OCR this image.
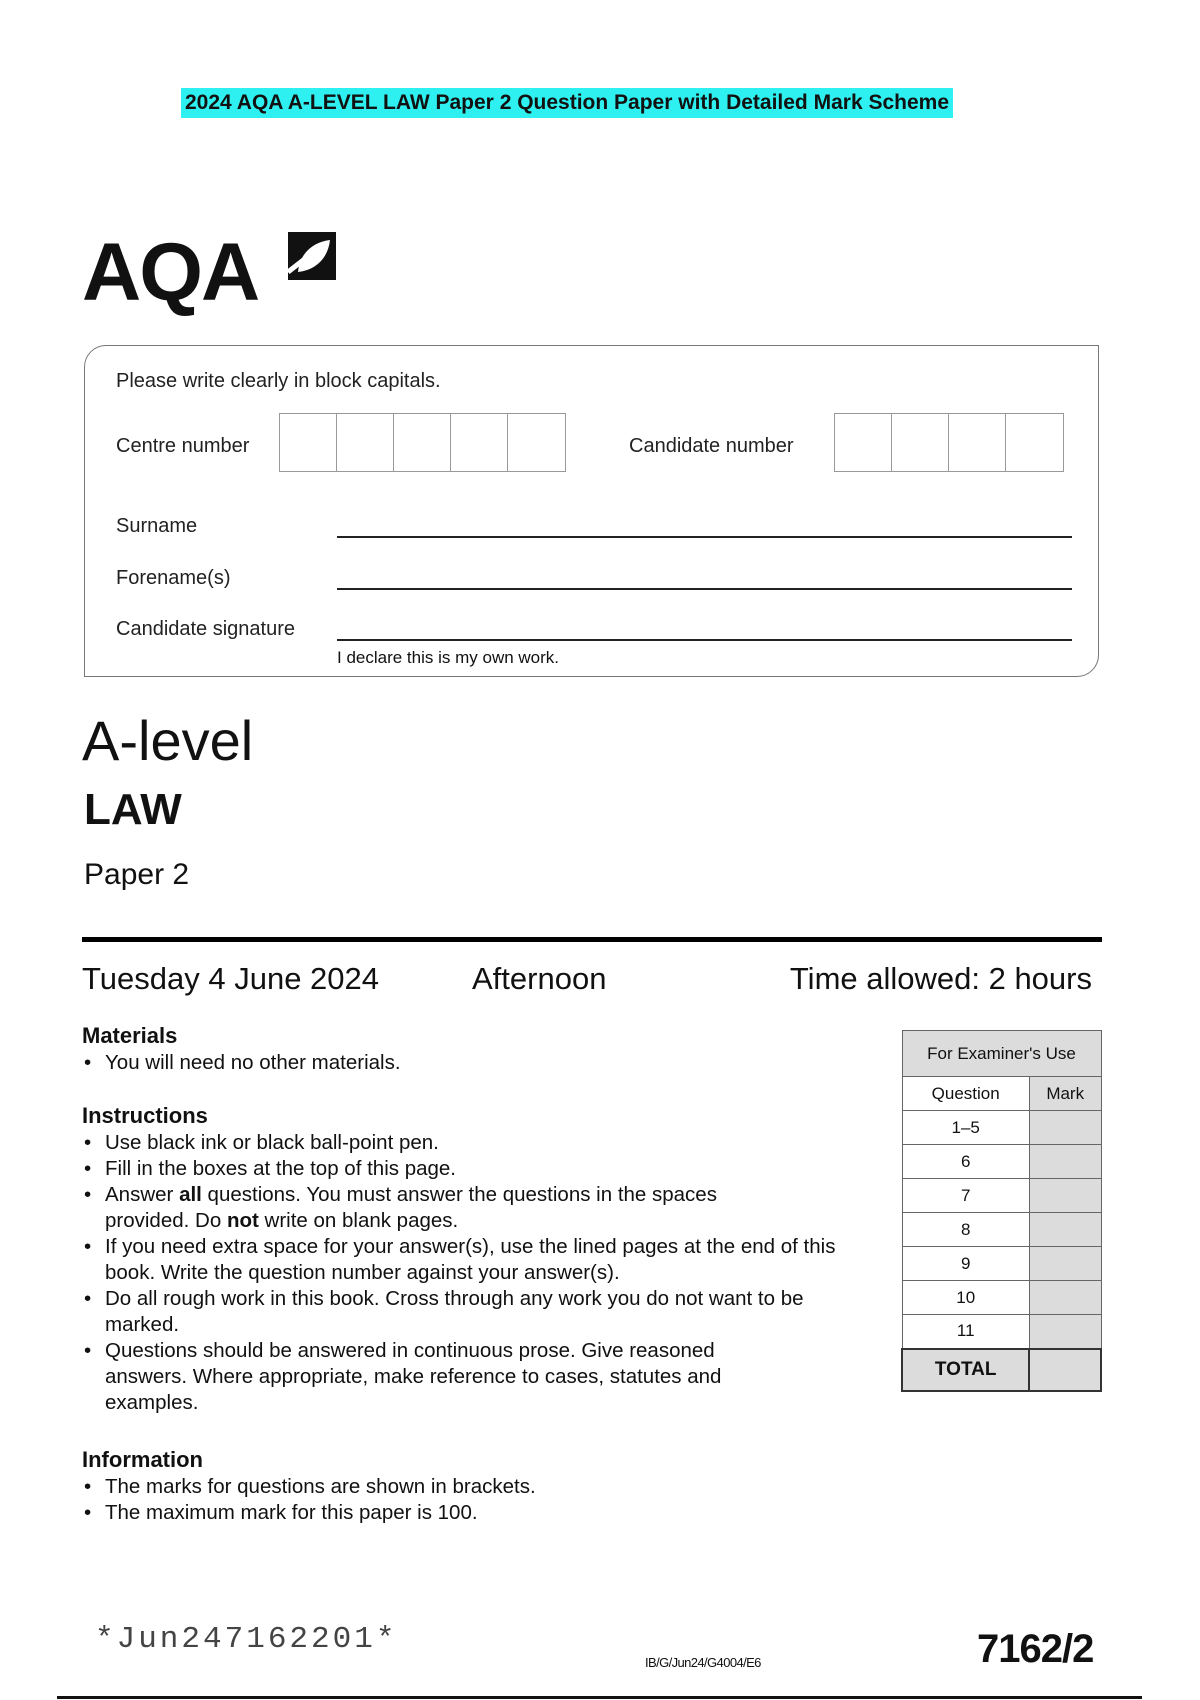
2024 AQA A-LEVEL LAW Paper 2 Question Paper with Detailed Mark Scheme
AQA
Please write clearly in block capitals.
Centre number	Candidate number
Surname
Forename(s)
Candidate signature
I declare this is my own work.
A-level
LAW
Paper 2
Tuesday 4 June 2024	Afternoon	Time allowed: 2 hours
Materials
• You will need no other materials.
Instructions
• Use black ink or black ball-point pen.
• Fill in the boxes at the top of this page.
• Answer all questions. You must answer the questions in the spaces provided. Do not write on blank pages.
• If you need extra space for your answer(s), use the lined pages at the end of this book. Write the question number against your answer(s).
• Do all rough work in this book. Cross through any work you do not want to be marked.
• Questions should be answered in continuous prose. Give reasoned answers. Where appropriate, make reference to cases, statutes and examples.
Information
• The marks for questions are shown in brackets.
• The maximum mark for this paper is 100.
For Examiner's Use	
Question	Mark
1–5	
6	
7	
8	
9	
10	
11	
TOTAL	
*Jun247162201*
IB/G/Jun24/G4004/E6	7162/2
